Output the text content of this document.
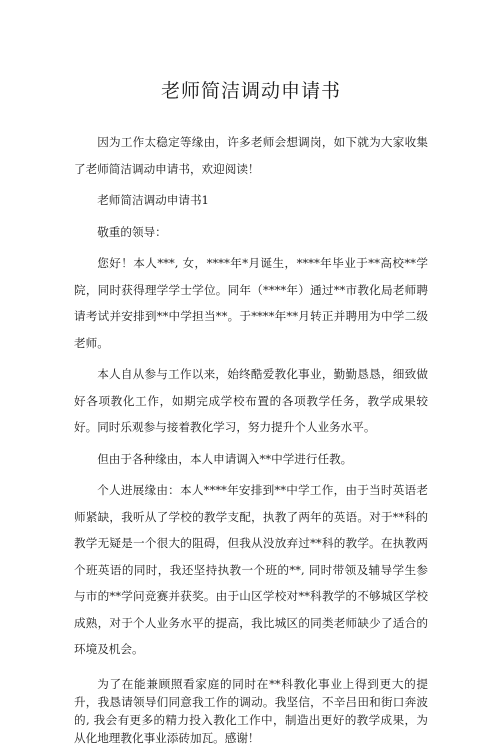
老师简洁调动申请书

因为工作太稳定等缘由，许多老师会想调岗，如下就为大家收集了老师简洁调动申请书，欢迎阅读！

老师简洁调动申请书1

敬重的领导：

您好！本人***, 女，****年*月诞生，****年毕业于**高校**学院，同时获得理学学士学位。同年（****年）通过**市教化局老师聘请考试并安排到**中学担当**。于****年**月转正并聘用为中学二级老师。

本人自从参与工作以来，始终酷爱教化事业，勤勤恳恳，细致做好各项教化工作，如期完成学校布置的各项教学任务，教学成果较好。同时乐观参与接着教化学习，努力提升个人业务水平。

但由于各种缘由，本人申请调入**中学进行任教。

个人进展缘由：本人****年安排到**中学工作，由于当时英语老师紧缺，我听从了学校的教学支配，执教了两年的英语。对于**科的教学无疑是一个很大的阻碍，但我从没放弃过**科的教学。在执教两个班英语的同时，我还坚持执教一个班的**, 同时带领及辅导学生参与市的**学问竞赛并获奖。由于山区学校对**科教学的不够城区学校成熟，对于个人业务水平的提高，我比城区的同类老师缺少了适合的环境及机会。

为了在能兼顾照看家庭的同时在**科教化事业上得到更大的提升，我恳请领导们同意我工作的调动。我坚信，不辛吕田和街口奔波的, 我会有更多的精力投入教化工作中，制造出更好的教学成果，为从化地理教化事业添砖加瓦。感谢！
